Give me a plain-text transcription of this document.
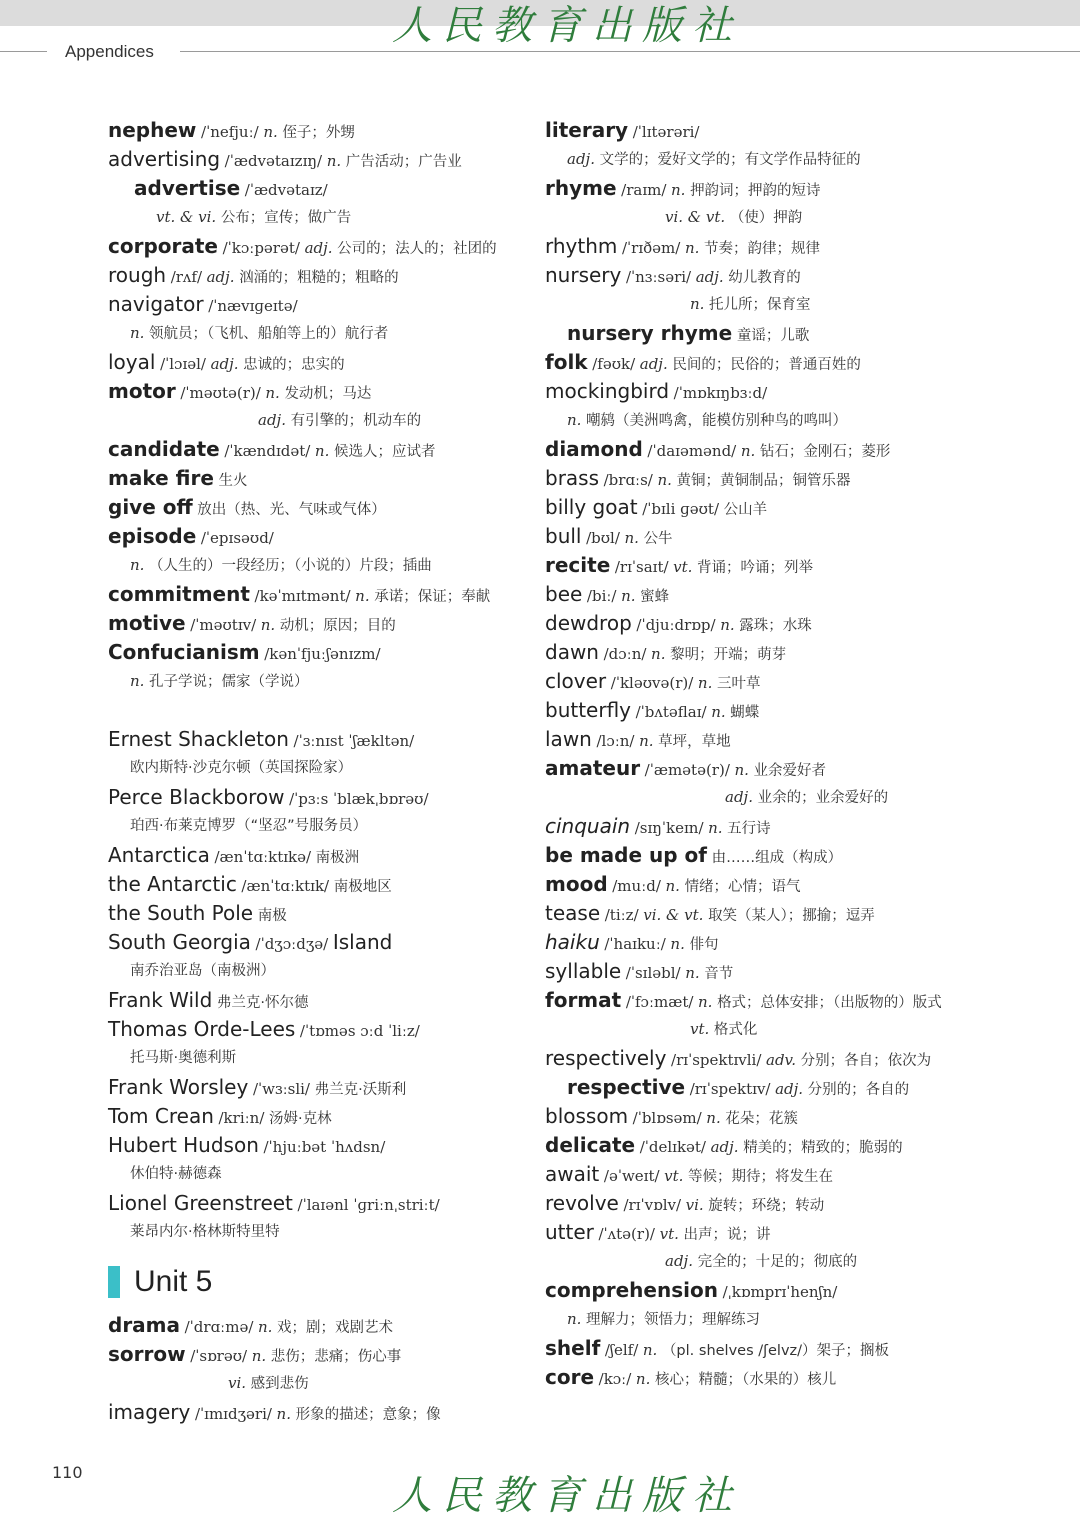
人民教育出版社
Appendices
nephew /ˈnefjuː/ n. 侄子；外甥
advertising /ˈædvətaɪzɪŋ/ n. 广告活动；广告业
advertise /ˈædvətaɪz/
vt. & vi. 公布；宣传；做广告
corporate /ˈkɔːpərət/ adj. 公司的；法人的；社团的
rough /rʌf/ adj. 汹涌的；粗糙的；粗略的
navigator /ˈnævɪɡeɪtə/
n. 领航员；（飞机、船舶等上的）航行者
loyal /ˈlɔɪəl/ adj. 忠诚的；忠实的
motor /ˈməʊtə(r)/ n. 发动机；马达
adj. 有引擎的；机动车的
candidate /ˈkændɪdət/ n. 候选人；应试者
make fire 生火
give off 放出（热、光、气味或气体）
episode /ˈepɪsəʊd/
n. （人生的）一段经历；（小说的）片段；插曲
commitment /kəˈmɪtmənt/ n. 承诺；保证；奉献
motive /ˈməʊtɪv/ n. 动机；原因；目的
Confucianism /kənˈfjuːʃənɪzm/
n. 孔子学说；儒家（学说）
Ernest Shackleton /ˈɜːnɪst ˈʃækltən/
欧内斯特·沙克尔顿（英国探险家）
Perce Blackborow /ˈpɜːs ˈblækˌbɒrəʊ/
珀西·布莱克博罗（“坚忍”号服务员）
Antarctica /ænˈtɑːktɪkə/ 南极洲
the Antarctic /ænˈtɑːktɪk/ 南极地区
the South Pole 南极
South Georgia /ˈdʒɔːdʒə/ Island
南乔治亚岛（南极洲）
Frank Wild 弗兰克·怀尔德
Thomas Orde-Lees /ˈtɒməs ɔːd ˈliːz/
托马斯·奥德利斯
Frank Worsley /ˈwɜːsli/ 弗兰克·沃斯利
Tom Crean /kriːn/ 汤姆·克林
Hubert Hudson /ˈhjuːbət ˈhʌdsn/
休伯特·赫德森
Lionel Greenstreet /ˈlaɪənl ˈɡriːnˌstriːt/
莱昂内尔·格林斯特里特
Unit 5
drama /ˈdrɑːmə/ n. 戏；剧；戏剧艺术
sorrow /ˈsɒrəʊ/ n. 悲伤；悲痛；伤心事
vi. 感到悲伤
imagery /ˈɪmɪdʒəri/ n. 形象的描述；意象；像
literary /ˈlɪtərəri/
adj. 文学的；爱好文学的；有文学作品特征的
rhyme /raɪm/ n. 押韵词；押韵的短诗
vi. & vt. （使）押韵
rhythm /ˈrɪðəm/ n. 节奏；韵律；规律
nursery /ˈnɜːsəri/ adj. 幼儿教育的
n. 托儿所；保育室
nursery rhyme 童谣；儿歌
folk /fəʊk/ adj. 民间的；民俗的；普通百姓的
mockingbird /ˈmɒkɪŋbɜːd/
n. 嘲鸫（美洲鸣禽，能模仿别种鸟的鸣叫）
diamond /ˈdaɪəmənd/ n. 钻石；金刚石；菱形
brass /brɑːs/ n. 黄铜；黄铜制品；铜管乐器
billy goat /ˈbɪli ɡəʊt/ 公山羊
bull /bʊl/ n. 公牛
recite /rɪˈsaɪt/ vt. 背诵；吟诵；列举
bee /biː/ n. 蜜蜂
dewdrop /ˈdjuːdrɒp/ n. 露珠；水珠
dawn /dɔːn/ n. 黎明；开端；萌芽
clover /ˈkləʊvə(r)/ n. 三叶草
butterfly /ˈbʌtəflaɪ/ n. 蝴蝶
lawn /lɔːn/ n. 草坪，草地
amateur /ˈæmətə(r)/ n. 业余爱好者
adj. 业余的；业余爱好的
cinquain /sɪŋˈkeɪn/ n. 五行诗
be made up of 由……组成（构成）
mood /muːd/ n. 情绪；心情；语气
tease /tiːz/ vi. & vt. 取笑（某人）；挪揄；逗弄
haiku /ˈhaɪkuː/ n. 俳句
syllable /ˈsɪləbl/ n. 音节
format /ˈfɔːmæt/ n. 格式；总体安排；（出版物的）版式
vt. 格式化
respectively /rɪˈspektɪvli/ adv. 分别；各自；依次为
respective /rɪˈspektɪv/ adj. 分别的；各自的
blossom /ˈblɒsəm/ n. 花朵；花簇
delicate /ˈdelɪkət/ adj. 精美的；精致的；脆弱的
await /əˈweɪt/ vt. 等候；期待；将发生在
revolve /rɪˈvɒlv/ vi. 旋转；环绕；转动
utter /ˈʌtə(r)/ vt. 出声；说；讲
adj. 完全的；十足的；彻底的
comprehension /ˌkɒmprɪˈhenʃn/
n. 理解力；领悟力；理解练习
shelf /ʃelf/ n. （pl. shelves /ʃelvz/）架子；搁板
core /kɔː/ n. 核心；精髓；（水果的）核儿
110
人民教育出版社
